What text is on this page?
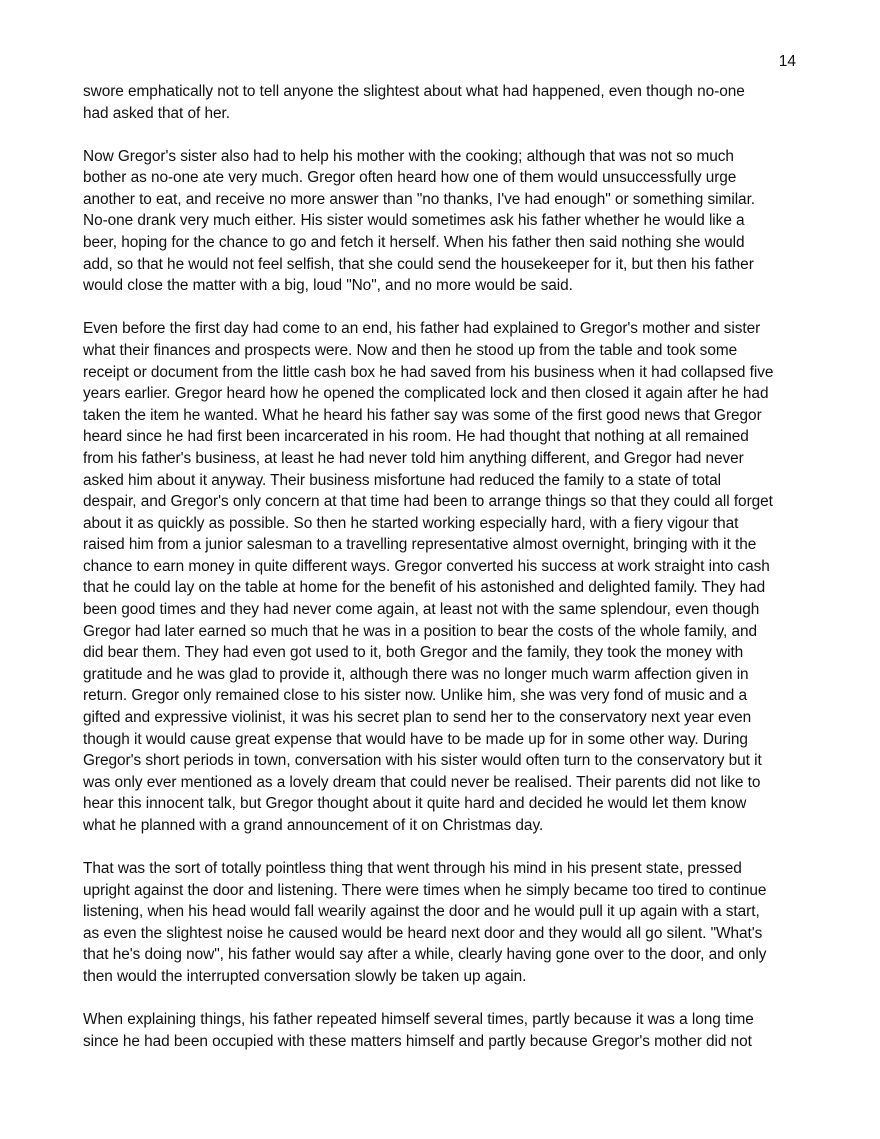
14

swore emphatically not to tell anyone the slightest about what had happened, even though no-one
had asked that of her.

Now Gregor's sister also had to help his mother with the cooking; although that was not so much
bother as no-one ate very much. Gregor often heard how one of them would unsuccessfully urge
another to eat, and receive no more answer than "no thanks, I've had enough" or something similar.
No-one drank very much either. His sister would sometimes ask his father whether he would like a
beer, hoping for the chance to go and fetch it herself. When his father then said nothing she would
add, so that he would not feel selfish, that she could send the housekeeper for it, but then his father
would close the matter with a big, loud "No", and no more would be said.

Even before the first day had come to an end, his father had explained to Gregor's mother and sister
what their finances and prospects were. Now and then he stood up from the table and took some
receipt or document from the little cash box he had saved from his business when it had collapsed five
years earlier. Gregor heard how he opened the complicated lock and then closed it again after he had
taken the item he wanted. What he heard his father say was some of the first good news that Gregor
heard since he had first been incarcerated in his room. He had thought that nothing at all remained
from his father's business, at least he had never told him anything different, and Gregor had never
asked him about it anyway. Their business misfortune had reduced the family to a state of total
despair, and Gregor's only concern at that time had been to arrange things so that they could all forget
about it as quickly as possible. So then he started working especially hard, with a fiery vigour that
raised him from a junior salesman to a travelling representative almost overnight, bringing with it the
chance to earn money in quite different ways. Gregor converted his success at work straight into cash
that he could lay on the table at home for the benefit of his astonished and delighted family. They had
been good times and they had never come again, at least not with the same splendour, even though
Gregor had later earned so much that he was in a position to bear the costs of the whole family, and
did bear them. They had even got used to it, both Gregor and the family, they took the money with
gratitude and he was glad to provide it, although there was no longer much warm affection given in
return. Gregor only remained close to his sister now. Unlike him, she was very fond of music and a
gifted and expressive violinist, it was his secret plan to send her to the conservatory next year even
though it would cause great expense that would have to be made up for in some other way. During
Gregor's short periods in town, conversation with his sister would often turn to the conservatory but it
was only ever mentioned as a lovely dream that could never be realised. Their parents did not like to
hear this innocent talk, but Gregor thought about it quite hard and decided he would let them know
what he planned with a grand announcement of it on Christmas day.

That was the sort of totally pointless thing that went through his mind in his present state, pressed
upright against the door and listening. There were times when he simply became too tired to continue
listening, when his head would fall wearily against the door and he would pull it up again with a start,
as even the slightest noise he caused would be heard next door and they would all go silent. "What's
that he's doing now", his father would say after a while, clearly having gone over to the door, and only
then would the interrupted conversation slowly be taken up again.

When explaining things, his father repeated himself several times, partly because it was a long time
since he had been occupied with these matters himself and partly because Gregor's mother did not
